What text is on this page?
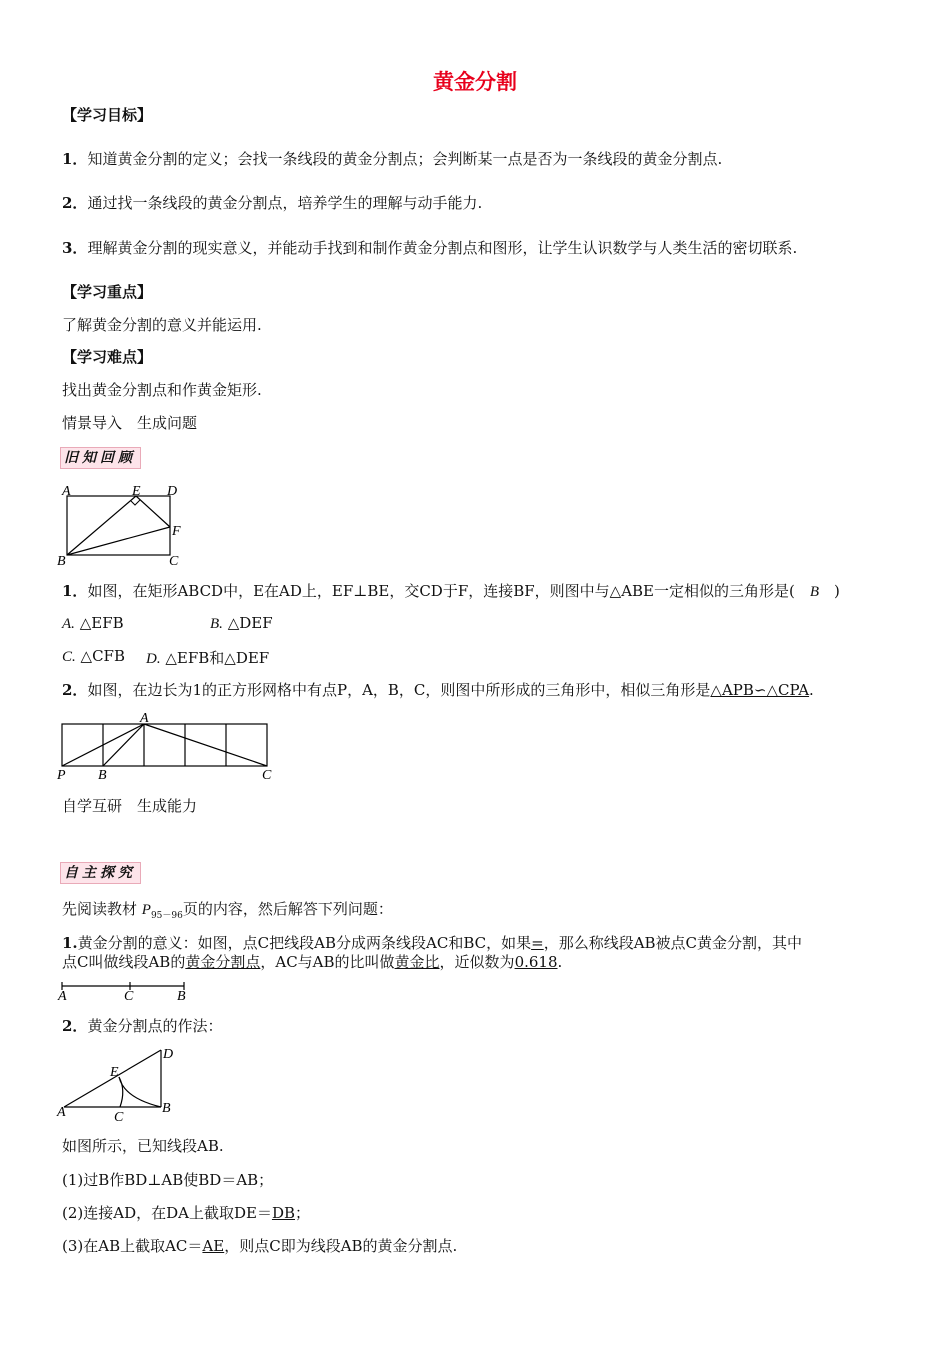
黄金分割
【学习目标】
1．知道黄金分割的定义；会找一条线段的黄金分割点；会判断某一点是否为一条线段的黄金分割点.
2．通过找一条线段的黄金分割点，培养学生的理解与动手能力.
3．理解黄金分割的现实意义，并能动手找到和制作黄金分割点和图形，让学生认识数学与人类生活的密切联系.
【学习重点】
了解黄金分割的意义并能运用.
【学习难点】
找出黄金分割点和作黄金矩形.
情景导入　生成问题
旧知回顾
A	E D
F
B	C
1．如图，在矩形ABCD中，E在AD上，EF⊥BE，交CD于F，连接BF，则图中与△ABE一定相似的三角形是(　B　)
A. △EFB	B. △DEF
C. △CFB D. △EFB和△DEF
2．如图，在边长为1的正方形网格中有点P，A，B，C，则图中所形成的三角形中，相似三角形是△APB∽△CPA.
A
P B	C
自学互研　生成能力
自主探究
先阅读教材 $P_{95-96}$页的内容，然后解答下列问题：
1.黄金分割的意义：如图，点C把线段AB分成两条线段AC和BC，如果=，那么称线段AB被点C黄金分割，其中
点C叫做线段AB的黄金分割点，AC与AB的比叫做黄金比，近似数为0.618.
A	C	B
2．黄金分割点的作法：
D
E
A	C
B
如图所示，已知线段AB.
(1)过B作BD⊥AB使BD＝AB；
(2)连接AD，在DA上截取DE＝DB；
(3)在AB上截取AC＝AE，则点C即为线段AB的黄金分割点.
